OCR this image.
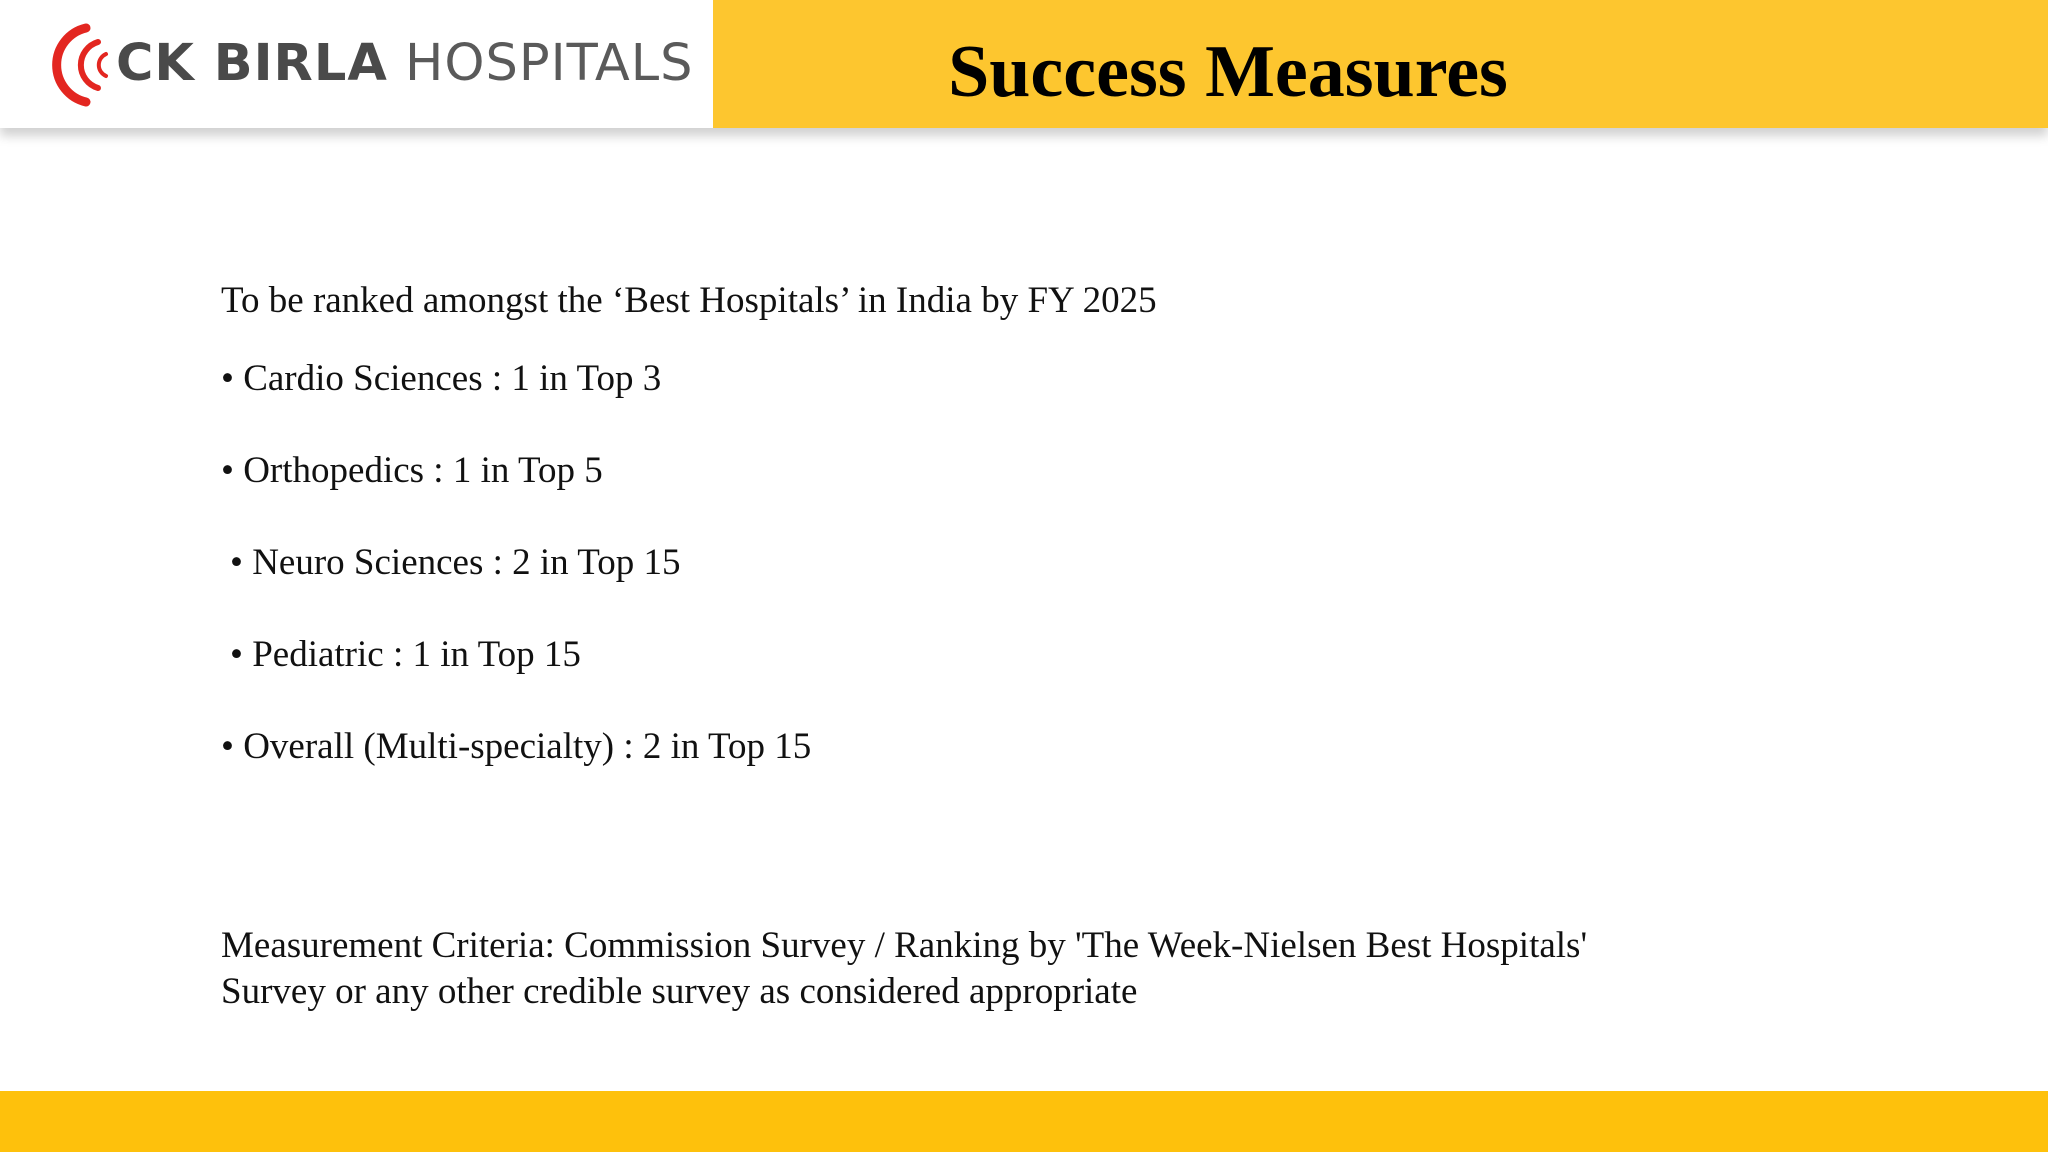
CK BIRLA HOSPITALS	Success Measures
To be ranked amongst the ‘Best Hospitals’ in India by FY 2025
• Cardio Sciences : 1 in Top 3
• Orthopedics : 1 in Top 5
• Neuro Sciences : 2 in Top 15
• Pediatric : 1 in Top 15
• Overall (Multi-specialty) : 2 in Top 15
Measurement Criteria: Commission Survey / Ranking by 'The Week-Nielsen Best Hospitals'
Survey or any other credible survey as considered appropriate
